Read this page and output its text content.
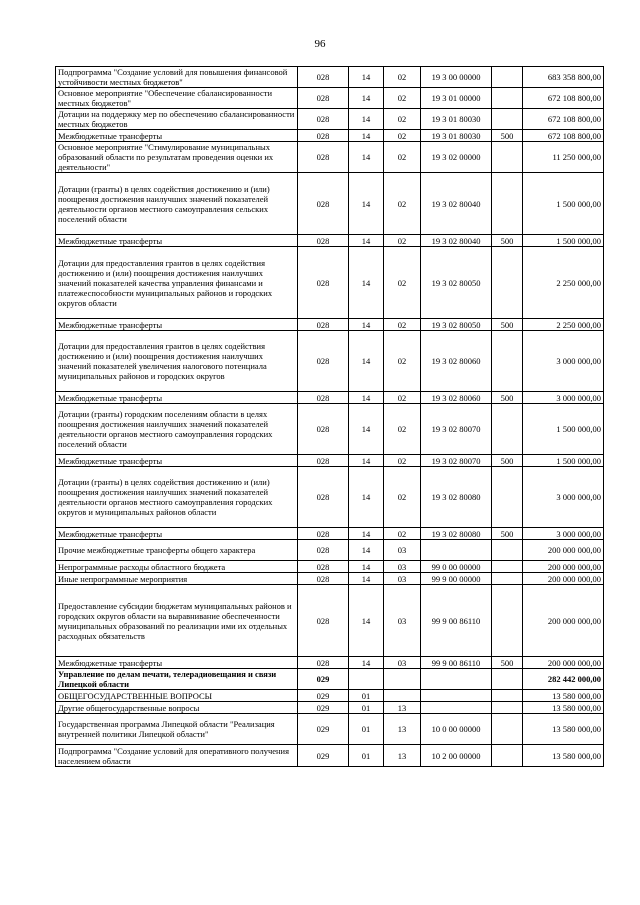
96
Подпрограмма "Создание условий для повышения финансовой устойчивости местных бюджетов"	028	14	02	19 3 00 00000		683 358 800,00
Основное мероприятие "Обеспечение сбалансированности местных бюджетов"	028	14	02	19 3 01 00000		672 108 800,00
Дотации на поддержку мер по обеспечению сбалансированности местных бюджетов	028	14	02	19 3 01 80030		672 108 800,00
Межбюджетные трансферты	028	14	02	19 3 01 80030	500	672 108 800,00
Основное мероприятие "Стимулирование муниципальных образований области по результатам проведения оценки их деятельности"	028	14	02	19 3 02 00000		11 250 000,00
Дотации (гранты) в целях содействия достижению и (или) поощрения достижения наилучших значений показателей деятельности органов местного самоуправления сельских поселений области	028	14	02	19 3 02 80040		1 500 000,00
Межбюджетные трансферты	028	14	02	19 3 02 80040	500	1 500 000,00
Дотации для предоставления грантов в целях содействия достижению и (или) поощрения достижения наилучших значений показателей качества управления финансами и платежеспособности муниципальных районов и городских округов области	028	14	02	19 3 02 80050		2 250 000,00
Межбюджетные трансферты	028	14	02	19 3 02 80050	500	2 250 000,00
Дотации для предоставления грантов в целях содействия достижению и (или) поощрения достижения наилучших значений показателей увеличения налогового потенциала муниципальных районов и городских округов	028	14	02	19 3 02 80060		3 000 000,00
Межбюджетные трансферты	028	14	02	19 3 02 80060	500	3 000 000,00
Дотации (гранты) городским поселениям области в целях поощрения достижения наилучших значений показателей деятельности органов местного самоуправления городских поселений области	028	14	02	19 3 02 80070		1 500 000,00
Межбюджетные трансферты	028	14	02	19 3 02 80070	500	1 500 000,00
Дотации (гранты) в целях содействия достижению и (или) поощрения достижения наилучших значений показателей деятельности органов местного самоуправления городских округов и муниципальных районов области	028	14	02	19 3 02 80080		3 000 000,00
Межбюджетные трансферты	028	14	02	19 3 02 80080	500	3 000 000,00
Прочие межбюджетные трансферты общего характера	028	14	03			200 000 000,00
Непрограммные расходы областного бюджета	028	14	03	99 0 00 00000		200 000 000,00
Иные непрограммные мероприятия	028	14	03	99 9 00 00000		200 000 000,00
Предоставление субсидии бюджетам муниципальных районов и городских округов области на выравнивание обеспеченности муниципальных образований по реализации ими их отдельных расходных обязательств	028	14	03	99 9 00 86110		200 000 000,00
Межбюджетные трансферты	028	14	03	99 9 00 86110	500	200 000 000,00
Управление по делам печати, телерадиовещания и связи Липецкой области	029					282 442 000,00
ОБЩЕГОСУДАРСТВЕННЫЕ ВОПРОСЫ	029	01				13 580 000,00
Другие общегосударственные вопросы	029	01	13			13 580 000,00
Государственная программа Липецкой области "Реализация внутренней политики Липецкой области"	029	01	13	10 0 00 00000		13 580 000,00
Подпрограмма "Создание условий для оперативного получения населением области	029	01	13	10 2 00 00000		13 580 000,00
